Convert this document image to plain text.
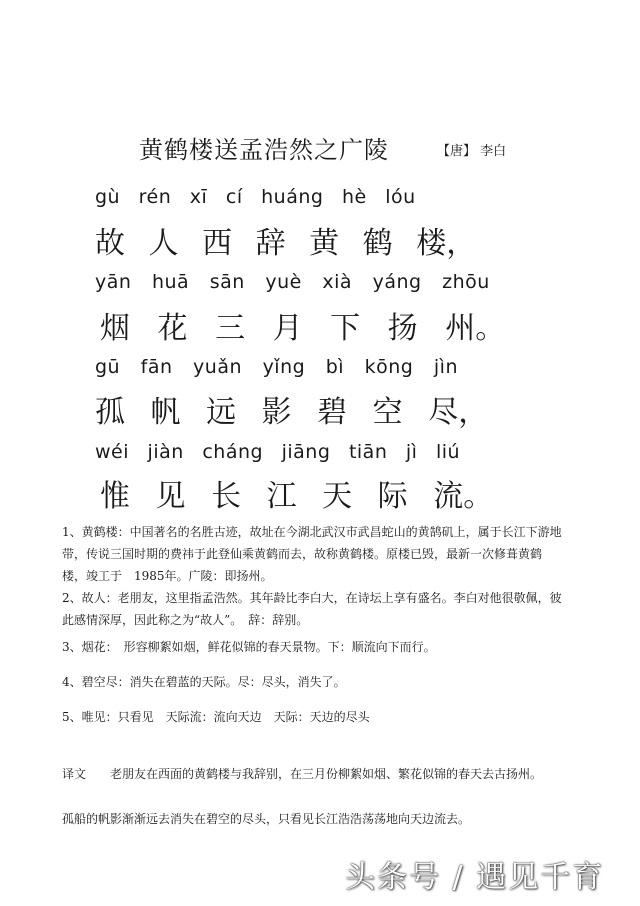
黄鹤楼送孟浩然之广陵	【唐】 李白
gù rén xī cí huáng hè lóu
故 人 西 辞 黄 鹤 楼，
yān huā sān yuè xià yáng zhōu
烟 花 三 月 下 扬 州。
gū fān yuǎn yǐng bì kōng jìn
孤 帆 远 影 碧 空 尽，
wéi jiàn cháng jiāng tiān jì liú
惟 见 长 江 天 际 流。
1、黄鹤楼：中国著名的名胜古迹，故址在今湖北武汉市武昌蛇山的黄鹄矶上，属于长江下游地带，传说三国时期的费祎于此登仙乘黄鹤而去，故称黄鹤楼。原楼已毁，最新一次修葺黄鹤楼，竣工于　1985年。广陵：即扬州。
2、故人：老朋友，这里指孟浩然。其年龄比李白大，在诗坛上享有盛名。李白对他很敬佩，彼此感情深厚，因此称之为“故人”。　辞：辞别。
3、烟花：　形容柳絮如烟，鲜花似锦的春天景物。下：顺流向下而行。
4、碧空尽：消失在碧蓝的天际。尽：尽头，消失了。
5、唯见：只看见　天际流：流向天边　天际：天边的尽头
译文 老朋友在西面的黄鹤楼与我辞别，在三月份柳絮如烟、繁花似锦的春天去古扬州。
孤船的帆影渐渐远去消失在碧空的尽头，只看见长江浩浩荡荡地向天边流去。
头条号 / 遇见千育
